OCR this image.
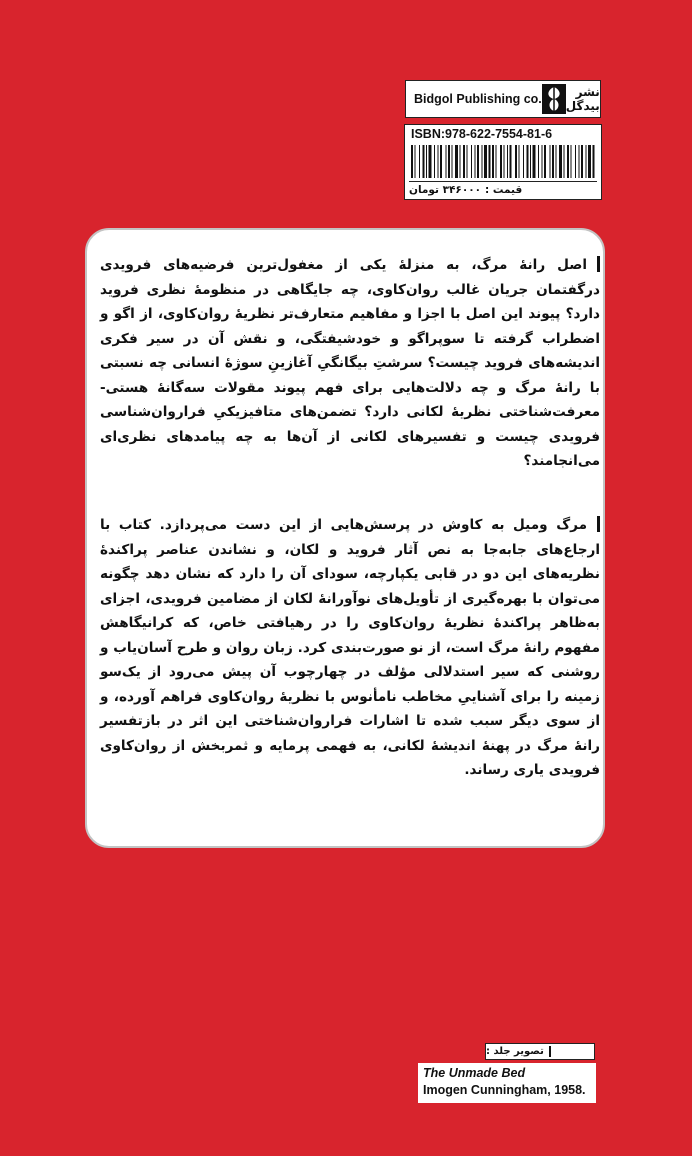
Bidgol Publishing co.	نشر بیدگل
ISBN:978-622-7554-81-6
قیمت :
۳۴۶۰۰۰ تومان
اصل رانهٔ مرگ، به منزلهٔ یکی از مغفول‌ترین فرضیه‌های فرویدی درگفتمان جریان غالب روان‌کاوی، چه جایگاهی در منظومهٔ نظری فروید دارد؟ پیوند این اصل با اجزا و مفاهیم متعارف‌تر نظریهٔ روان‌کاوی، از اگو و اضطراب گرفته تا سوپراگو و خودشیفتگی، و نقش آن در سیر فکری اندیشه‌های فروید چیست؟ سرشتِ بیگانگیِ آغازینِ سوژهٔ انسانی چه نسبتی با رانهٔ مرگ و چه دلالت‌هایی برای فهم پیوند مقولات سه‌گانهٔ هستی- معرفت‌شناختی نظریهٔ لکانی دارد؟ تضمن‌های متافیزیکیِ فراروان‌شناسی فرویدی چیست و تفسیرهای لکانی از آن‌ها به چه پیامدهای نظری‌ای می‌انجامند؟
مرگ ومیل به کاوش در پرسش‌هایی از این دست می‌پردازد. کتاب با ارجاع‌های جابه‌جا به نص آثار فروید و لکان، و نشاندن عناصر پراکندهٔ نظریه‌های این دو در قابی یکپارچه، سودای آن را دارد که نشان دهد چگونه می‌توان با بهره‌گیری از تأویل‌های نوآورانهٔ لکان از مضامین فرویدی، اجزای به‌ظاهر پراکندهٔ نظریهٔ روان‌کاوی را در رهیافتی خاص، که کرانیگاهش مفهوم رانهٔ مرگ است، از نو صورت‌بندی کرد. زبان روان و طرح آسان‌یاب و روشنی که سیر استدلالی مؤلف در چهارچوب آن پیش می‌رود از یک‌سو زمینه را برای آشناییِ مخاطب نامأنوس با نظریهٔ روان‌کاوی فراهم آورده، و از سوی دیگر سبب شده تا اشارات فراروان‌شناختی این اثر در بازتفسیر رانهٔ مرگ در پهنهٔ اندیشهٔ لکانی، به فهمی پرمایه و ثمربخش از روان‌کاوی فرویدی یاری رساند.
تصویر جلد :
The Unmade Bed
Imogen Cunningham, 1958.
